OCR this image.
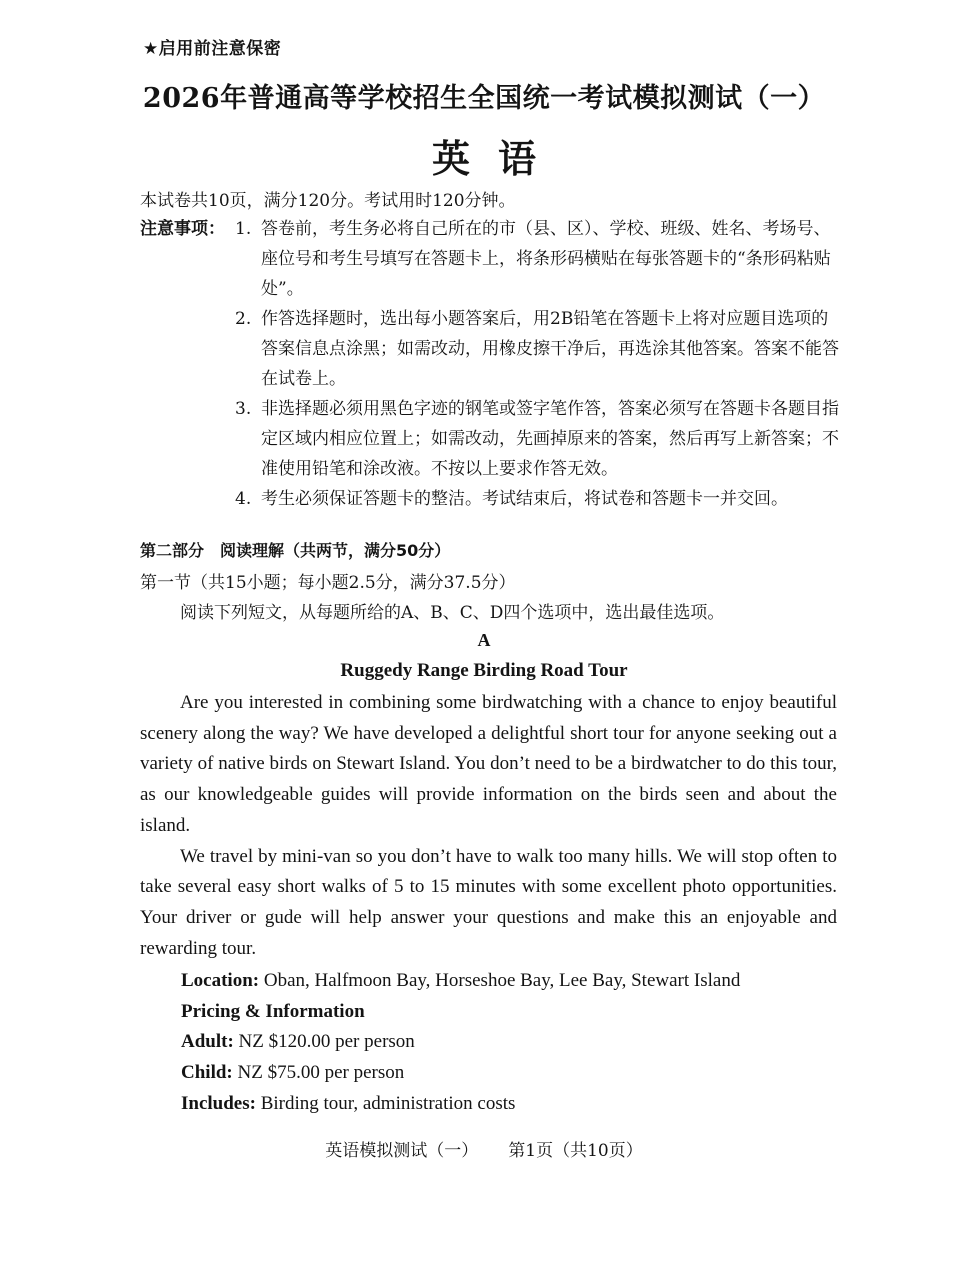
★启用前注意保密
2026年普通高等学校招生全国统一考试模拟测试（一）
英语
本试卷共10页，满分120分。考试用时120分钟。
注意事项： 1. 答卷前，考生务必将自己所在的市（县、区）、学校、班级、姓名、考场号、座位号和考生号填写在答题卡上，将条形码横贴在每张答题卡的“条形码粘贴处”。
2. 作答选择题时，选出每小题答案后，用2B铅笔在答题卡上将对应题目选项的答案信息点涂黑；如需改动，用橡皮擦干净后，再选涂其他答案。答案不能答在试卷上。
3. 非选择题必须用黑色字迹的钢笔或签字笔作答，答案必须写在答题卡各题目指定区域内相应位置上；如需改动，先画掉原来的答案，然后再写上新答案；不准使用铅笔和涂改液。不按以上要求作答无效。
4. 考生必须保证答题卡的整洁。考试结束后，将试卷和答题卡一并交回。
第二部分　阅读理解（共两节，满分50分）
第一节（共15小题；每小题2.5分，满分37.5分）
阅读下列短文，从每题所给的A、B、C、D四个选项中，选出最佳选项。
A
Ruggedy Range Birding Road Tour

Are you interested in combining some birdwatching with a chance to enjoy beautiful scenery along the way? We have developed a delightful short tour for anyone seeking out a variety of native birds on Stewart Island. You don’t need to be a birdwatcher to do this tour, as our knowledgeable guides will provide information on the birds seen and about the island.

We travel by mini-van so you don’t have to walk too many hills. We will stop often to take several easy short walks of 5 to 15 minutes with some excellent photo opportunities. Your driver or gude will help answer your questions and make this an enjoyable and rewarding tour.

Location: Oban, Halfmoon Bay, Horseshoe Bay, Lee Bay, Stewart Island
Pricing & Information
Adult: NZ $120.00 per person
Child: NZ $75.00 per person
Includes: Birding tour, administration costs
英语模拟测试（一） 第1页（共10页）
